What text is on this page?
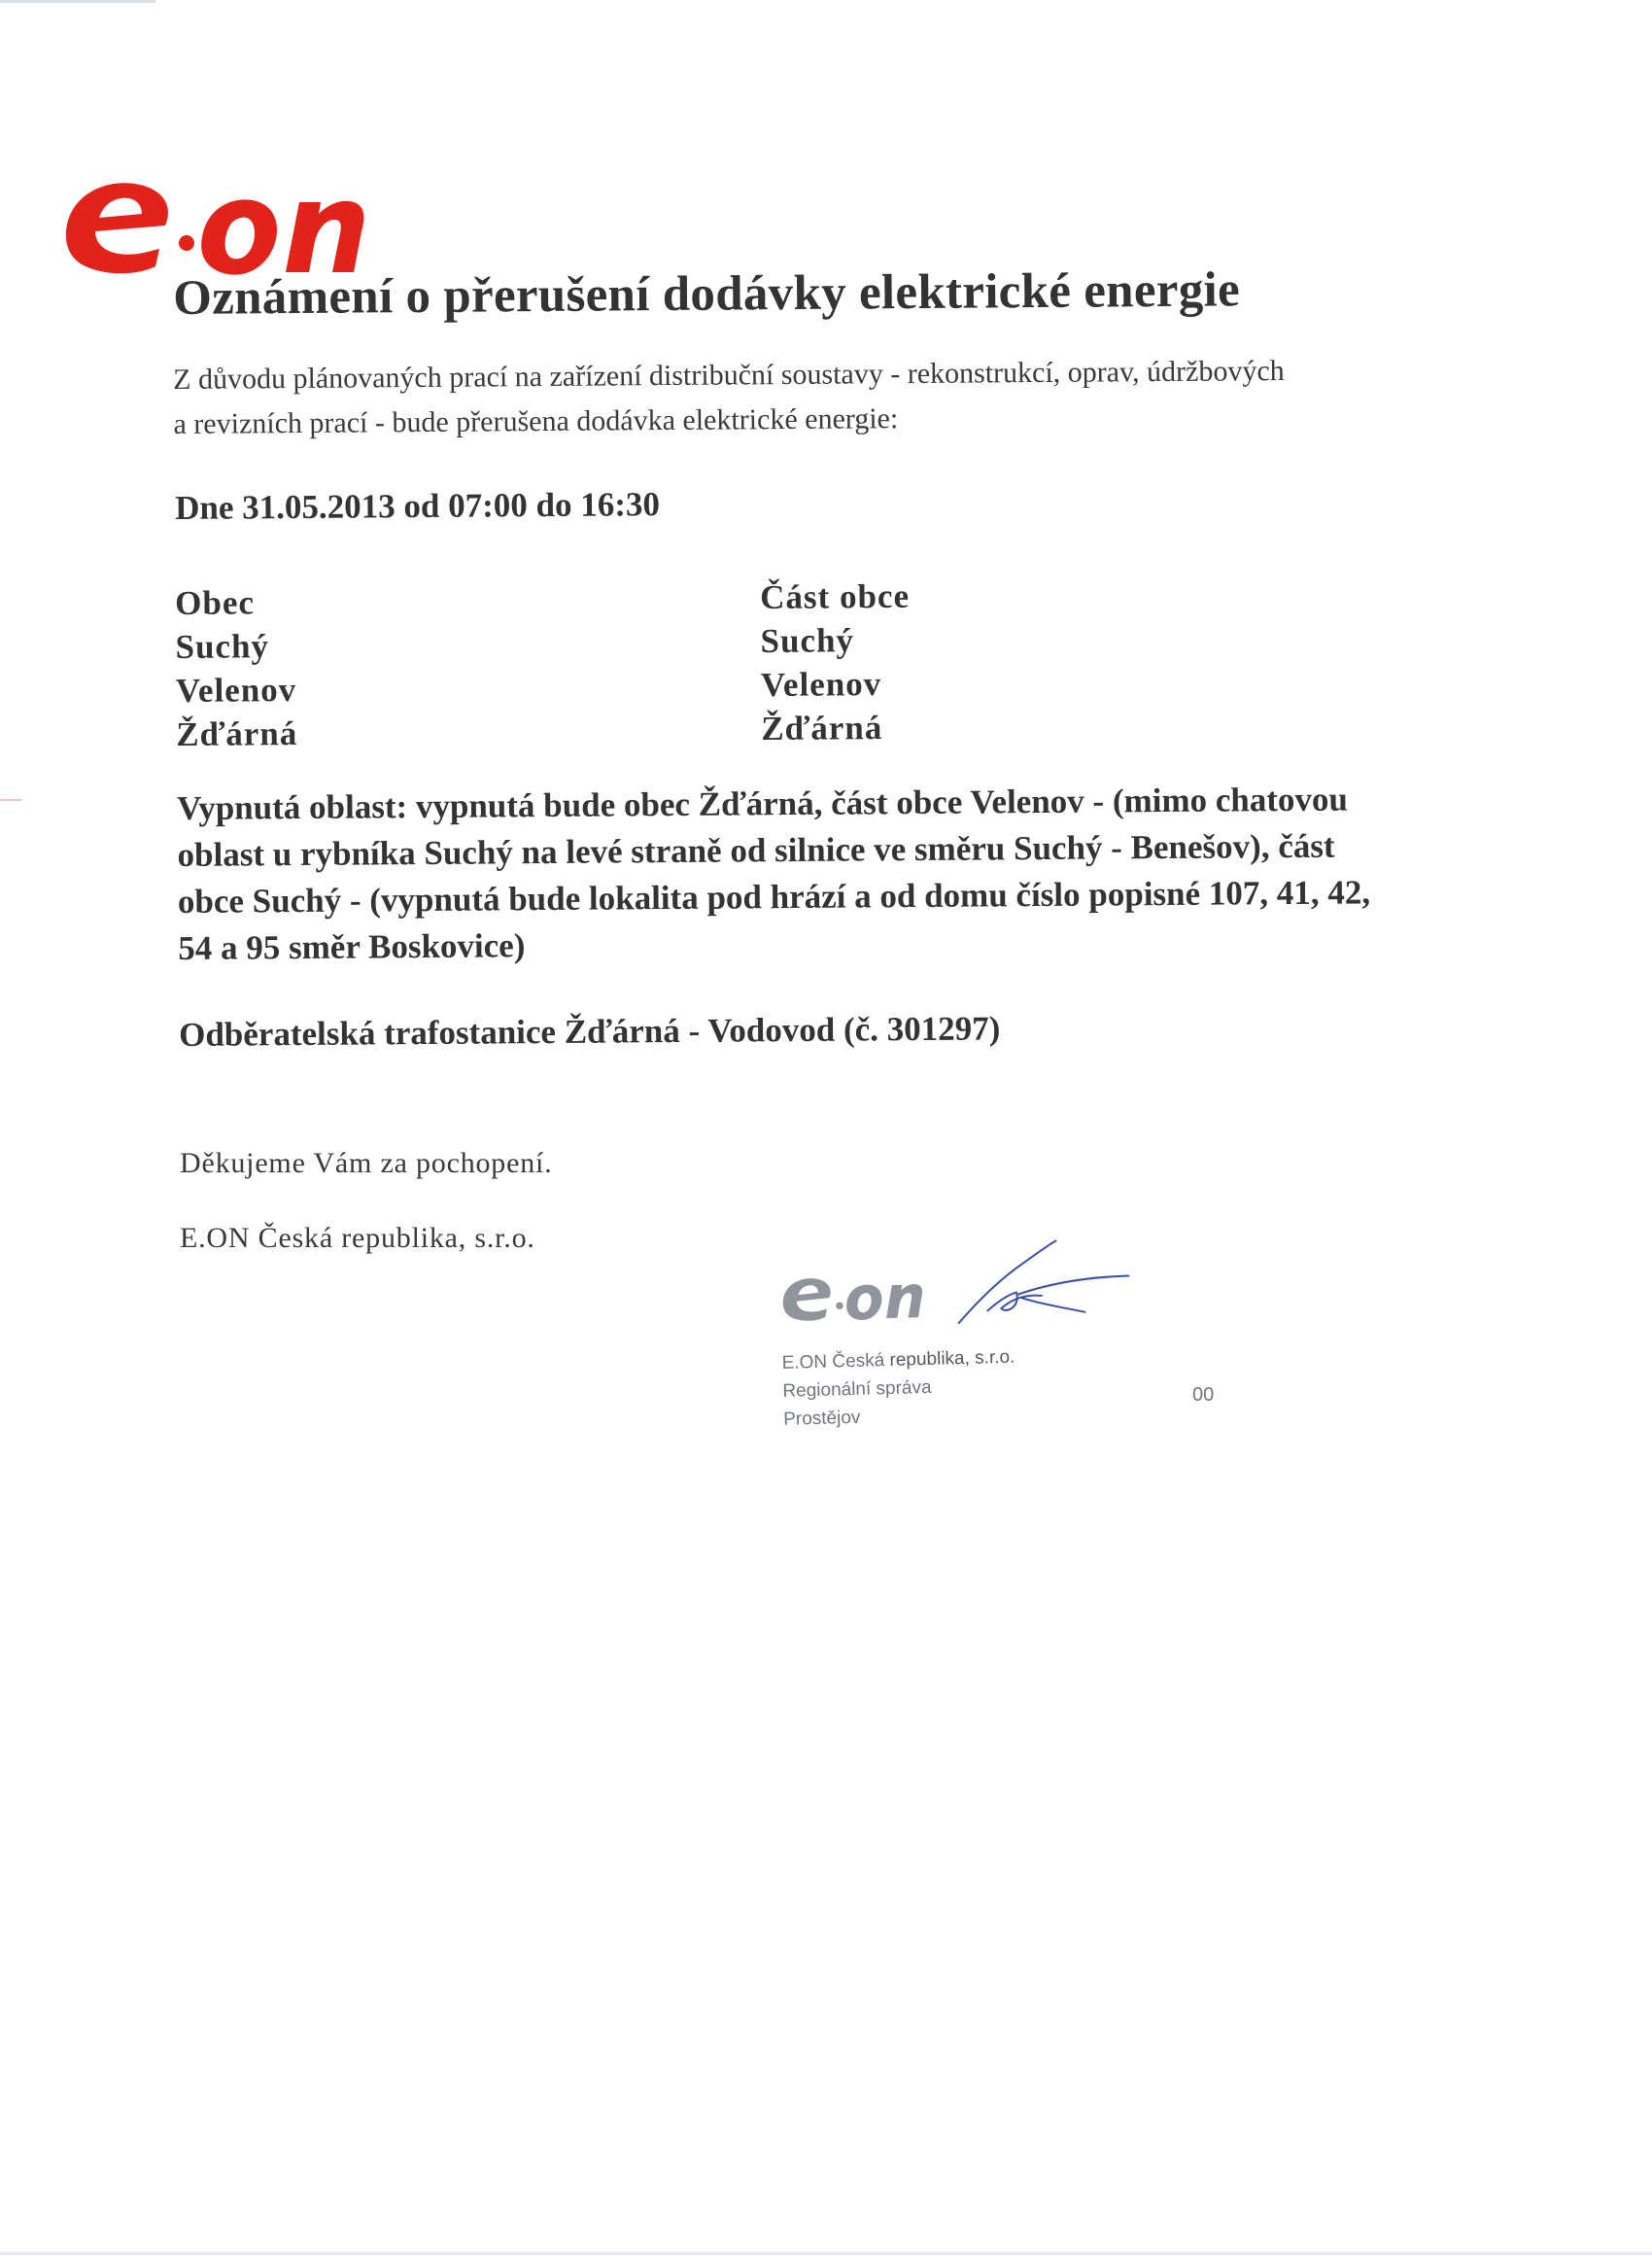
Oznámení o přerušení dodávky elektrické energie
Z důvodu plánovaných prací na zařízení distribuční soustavy - rekonstrukcí, oprav, údržbových
a revizních prací - bude přerušena dodávka elektrické energie:
Dne 31.05.2013 od 07:00 do 16:30
Obec
Suchý
Velenov
Žďárná
Část obce
Suchý
Velenov
Žďárná
Vypnutá oblast: vypnutá bude obec Žďárná, část obce Velenov - (mimo chatovou
oblast u rybníka Suchý na levé straně od silnice ve směru Suchý - Benešov), část
obce Suchý - (vypnutá bude lokalita pod hrází a od domu číslo popisné 107, 41, 42,
54 a 95 směr Boskovice)
Odběratelská trafostanice Žďárná - Vodovod (č. 301297)
Děkujeme Vám za pochopení.
E.ON Česká republika, s.r.o.
E.ON Česká republika, s.r.o.
Regionální správa
Prostějov
00
